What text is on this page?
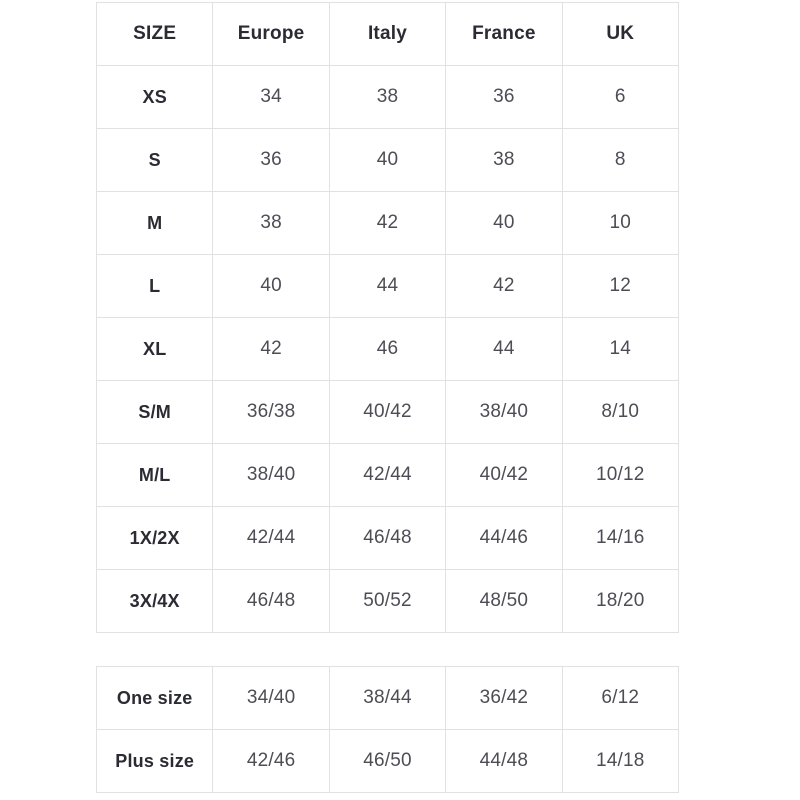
SIZE	Europe	Italy	France	UK
XS	34	38	36	6
S	36	40	38	8
M	38	42	40	10
L	40	44	42	12
XL	42	46	44	14
S/M	36/38	40/42	38/40	8/10
M/L	38/40	42/44	40/42	10/12
1X/2X	42/44	46/48	44/46	14/16
3X/4X	46/48	50/52	48/50	18/20
One size	34/40	38/44	36/42	6/12
Plus size	42/46	46/50	44/48	14/18
